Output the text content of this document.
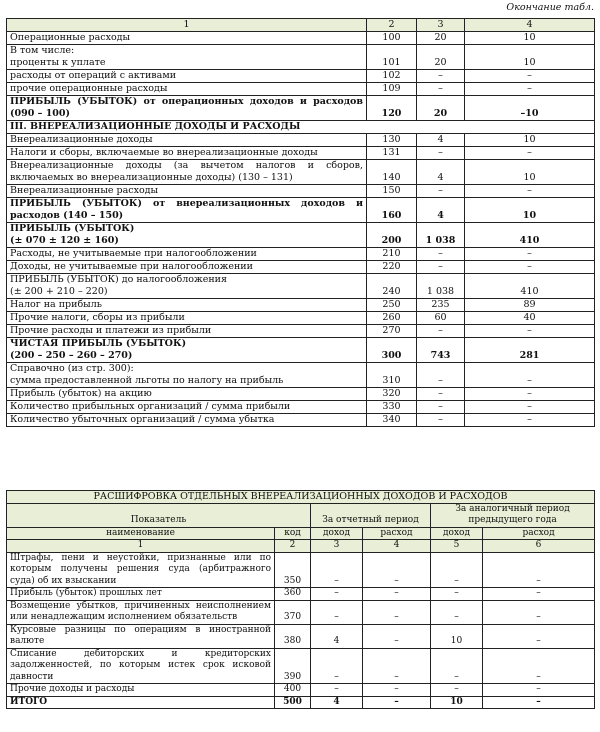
Окончание табл.
1	2	3	4
Операционные расходы	100	20	10
В том числе:
проценты к уплате	101	20	10
расходы от операций с активами	102	–	–
прочие операционные расходы	109	–	–
ПРИБЫЛЬ (УБЫТОК) от операционных доходов и расходов (090 – 100)	120	20	–10
III. ВНЕРЕАЛИЗАЦИОННЫЕ ДОХОДЫ И РАСХОДЫ			
Внереализационные доходы	130	4	10
Налоги и сборы, включаемые во внереализационные доходы	131	–	–
Внереализационные доходы (за вычетом налогов и сборов, включаемых во внереализационные доходы) (130 – 131)	140	4	10
Внереализационные расходы	150	–	–
ПРИБЫЛЬ (УБЫТОК) от внереализационных доходов и расходов (140 – 150)	160	4	10
ПРИБЫЛЬ (УБЫТОК)
(± 070 ± 120 ± 160)	200	1 038	410
Расходы, не учитываемые при налогообложении	210	–	–
Доходы, не учитываемые при налогообложении	220	–	–
ПРИБЫЛЬ (УБЫТОК) до налогообложения
(± 200 + 210 – 220)	240	1 038	410
Налог на прибыль	250	235	89
Прочие налоги, сборы из прибыли	260	60	40
Прочие расходы и платежи из прибыли	270	–	–
ЧИСТАЯ ПРИБЫЛЬ (УБЫТОК)
(200 – 250 – 260 – 270)	300	743	281
Справочно (из стр. 300):
сумма предоставленной льготы по налогу на прибыль	310	–	–
Прибыль (убыток) на акцию	320	–	–
Количество прибыльных организаций / сумма прибыли	330	–	–
Количество убыточных организаций / сумма убытка	340	–	–
РАСШИФРОВКА ОТДЕЛЬНЫХ ВНЕРЕАЛИЗАЦИОННЫХ ДОХОДОВ И РАСХОДОВ					
Показатель		За отчетный период		За аналогичный период предыдущего года	
наименование	код	доход	расход	доход	расход
1	2	3	4	5	6
Штрафы, пени и неустойки, признанные или по которым получены решения суда (арбитражного суда) об их взыскании	350	–	–	–	–
Прибыль (убыток) прошлых лет	360	–	–	–	–
Возмещение убытков, причиненных неисполнением или ненадлежащим исполнением обязательств	370	–	–	–	–
Курсовые разницы по операциям в иностранной валюте	380	4	–	10	–
Списание дебиторских и кредиторских задолженностей, по которым истек срок исковой давности	390	–	–	–	–
Прочие доходы и расходы	400	–	–	–	–
ИТОГО	500	4	–	10	–
